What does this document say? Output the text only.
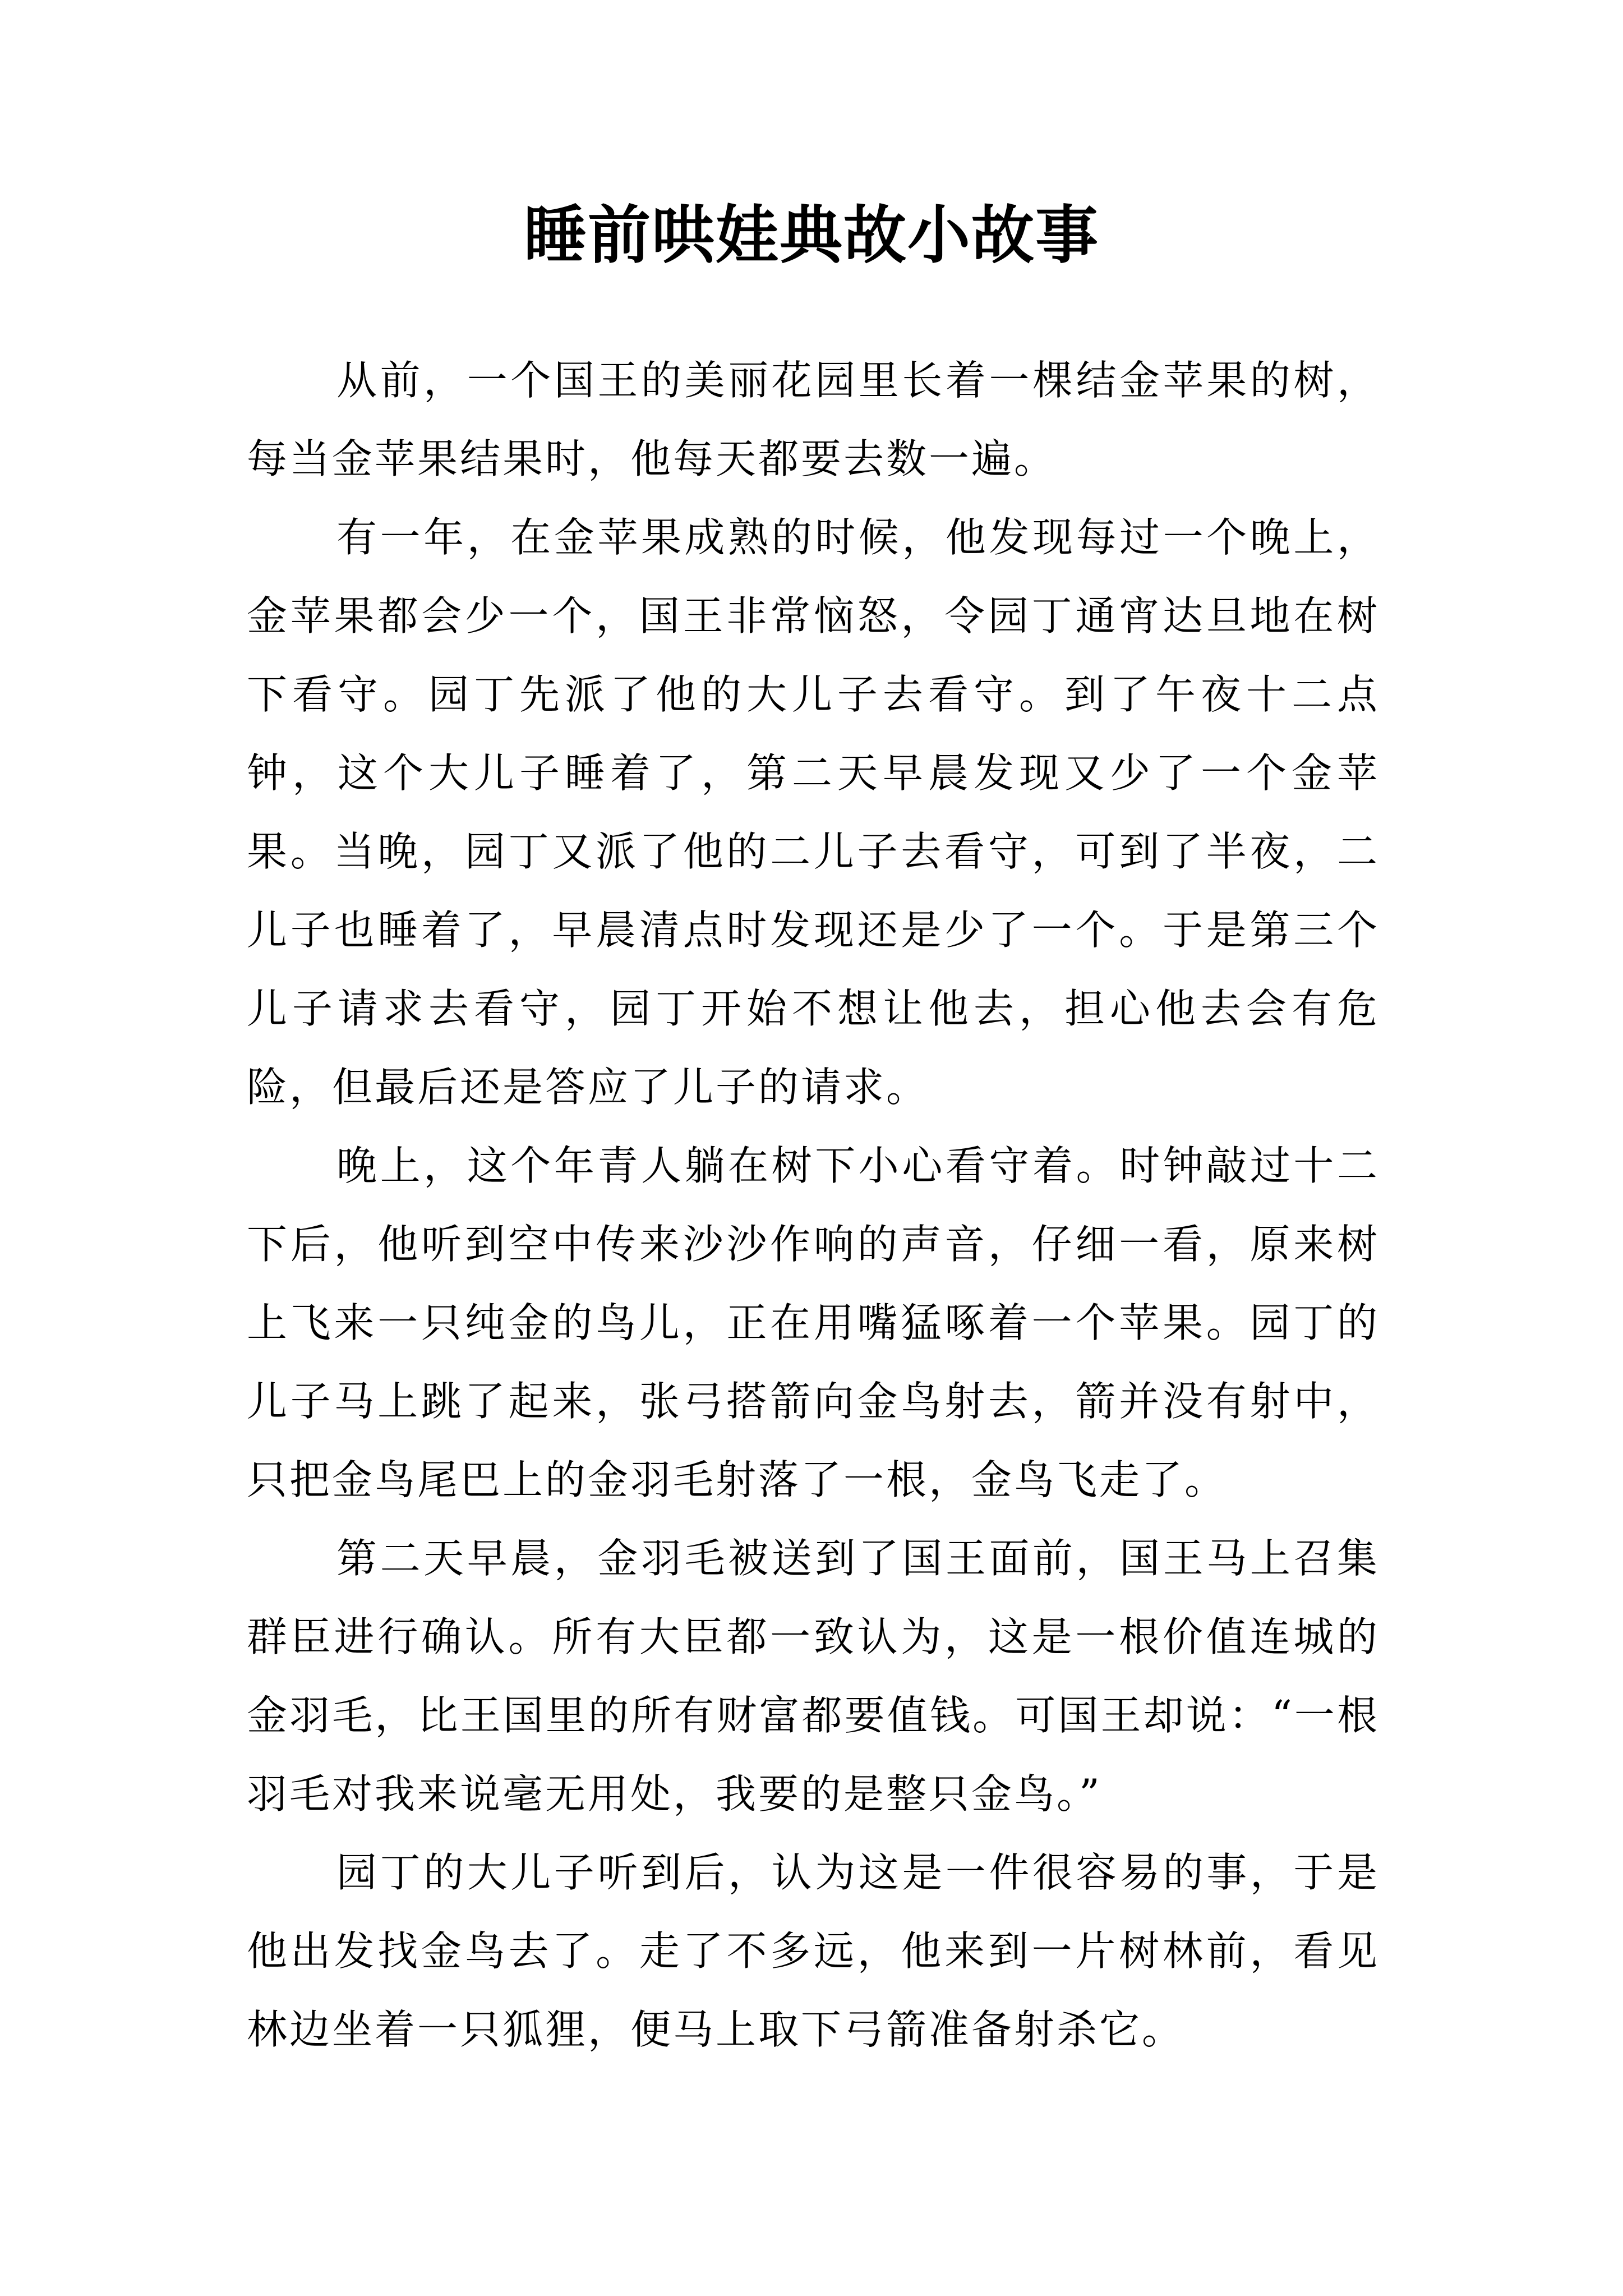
睡前哄娃典故小故事

从前，一个国王的美丽花园里长着一棵结金苹果的树，每当金苹果结果时，他每天都要去数一遍。

有一年，在金苹果成熟的时候，他发现每过一个晚上，金苹果都会少一个，国王非常恼怒，令园丁通宵达旦地在树下看守。园丁先派了他的大儿子去看守。到了午夜十二点钟，这个大儿子睡着了，第二天早晨发现又少了一个金苹果。当晚，园丁又派了他的二儿子去看守，可到了半夜，二儿子也睡着了，早晨清点时发现还是少了一个。于是第三个儿子请求去看守，园丁开始不想让他去，担心他去会有危险，但最后还是答应了儿子的请求。

晚上，这个年青人躺在树下小心看守着。时钟敲过十二下后，他听到空中传来沙沙作响的声音，仔细一看，原来树上飞来一只纯金的鸟儿，正在用嘴猛啄着一个苹果。园丁的儿子马上跳了起来，张弓搭箭向金鸟射去，箭并没有射中，只把金鸟尾巴上的金羽毛射落了一根，金鸟飞走了。

第二天早晨，金羽毛被送到了国王面前，国王马上召集群臣进行确认。所有大臣都一致认为，这是一根价值连城的金羽毛，比王国里的所有财富都要值钱。可国王却说：“一根羽毛对我来说毫无用处，我要的是整只金鸟。”

园丁的大儿子听到后，认为这是一件很容易的事，于是他出发找金鸟去了。走了不多远，他来到一片树林前，看见林边坐着一只狐狸，便马上取下弓箭准备射杀它。
